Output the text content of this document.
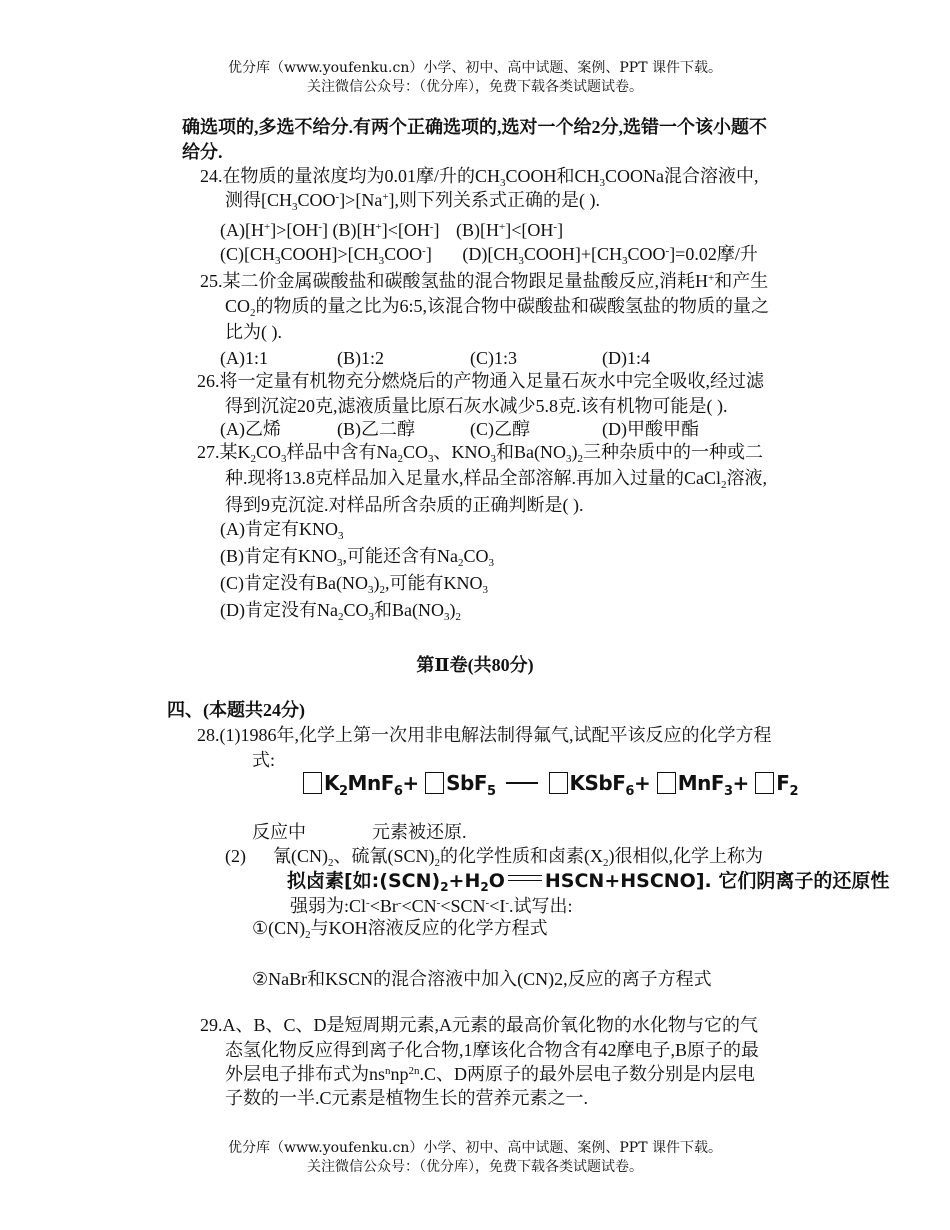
优分库（www.youfenku.cn）小学、初中、高中试题、案例、PPT 课件下载。
关注微信公众号：（优分库），免费下载各类试题试卷。
确选项的,多选不给分.有两个正确选项的,选对一个给2分,选错一个该小题不
给分.
24.在物质的量浓度均为0.01摩/升的$CH_3COOH$和$CH_3COONa$混合溶液中,
测得$[CH_3COO^-]>[Na^+]$,则下列关系式正确的是( ).
(A)[H+]>[OH-] (B)[H+]<[OH-] (B)[H+]<[OH-]
$(C)[CH_3COOH]>[CH_3COO^-]$ $(D)[CH_3COOH]+[CH_3COO^-]=0.02$摩/升
25.某二价金属碳酸盐和碳酸氢盐的混合物跟足量盐酸反应,消耗H+和产生
$CO_2$的物质的量之比为6:5,该混合物中碳酸盐和碳酸氢盐的物质的量之
比为( ).
(A)1:1	(B)1:2	(C)1:3	(D)1:4
26.将一定量有机物充分燃烧后的产物通入足量石灰水中完全吸收,经过滤
得到沉淀20克,滤液质量比原石灰水减少5.8克.该有机物可能是( ).
(A)乙烯	(B)乙二醇	(C)乙醇	(D)甲酸甲酯
27.某$K_2CO_3$样品中含有$Na_2CO_3$、$KNO_3$和$Ba(NO_3)_2$三种杂质中的一种或二
种.现将13.8克样品加入足量水,样品全部溶解.再加入过量的CaCl$_2$溶液,
得到9克沉淀.对样品所含杂质的正确判断是( ).
(A)肯定有$KNO_3$
(B)肯定有$KNO_3$,可能还含有$Na_2CO_3$
(C)肯定没有$Ba(NO_3)_2$,可能有$KNO_3$
(D)肯定没有$Na_2CO_3$和$Ba(NO_3)_2$
第Ⅱ卷(共80分)
四、(本题共24分)
28.(1)1986年,化学上第一次用非电解法制得氟气,试配平该反应的化学方程
式:
$K_2MnF_6+ SbF_5$	KSbF$_6$+ $MnF_3+ F_2$
反应中	元素被还原.
(2) 氰$(CN)_2$、硫氰$(SCN)_2$的化学性质和卤素$(X_2)$很相似,化学上称为
拟卤素[如$:(SCN)_2+H_2O$ HSCN+HSCNO]. 它们阴离子的还原性
强弱为:Cl-<Br-<CN-<SCN-<I-.试写出:
$①(CN)_2$与KOH溶液反应的化学方程式
②NaBr和KSCN的混合溶液中加入(CN)2,反应的离子方程式
29.A、B、C、D是短周期元素,A元素的最高价氧化物的水化物与它的气
态氢化物反应得到离子化合物,1摩该化合物含有42摩电子,B原子的最
外层电子排布式为$ns^nnp^{2n}.C$、D两原子的最外层电子数分别是内层电
子数的一半.C元素是植物生长的营养元素之一.
优分库（www.youfenku.cn）小学、初中、高中试题、案例、PPT 课件下载。
关注微信公众号：（优分库），免费下载各类试题试卷。
